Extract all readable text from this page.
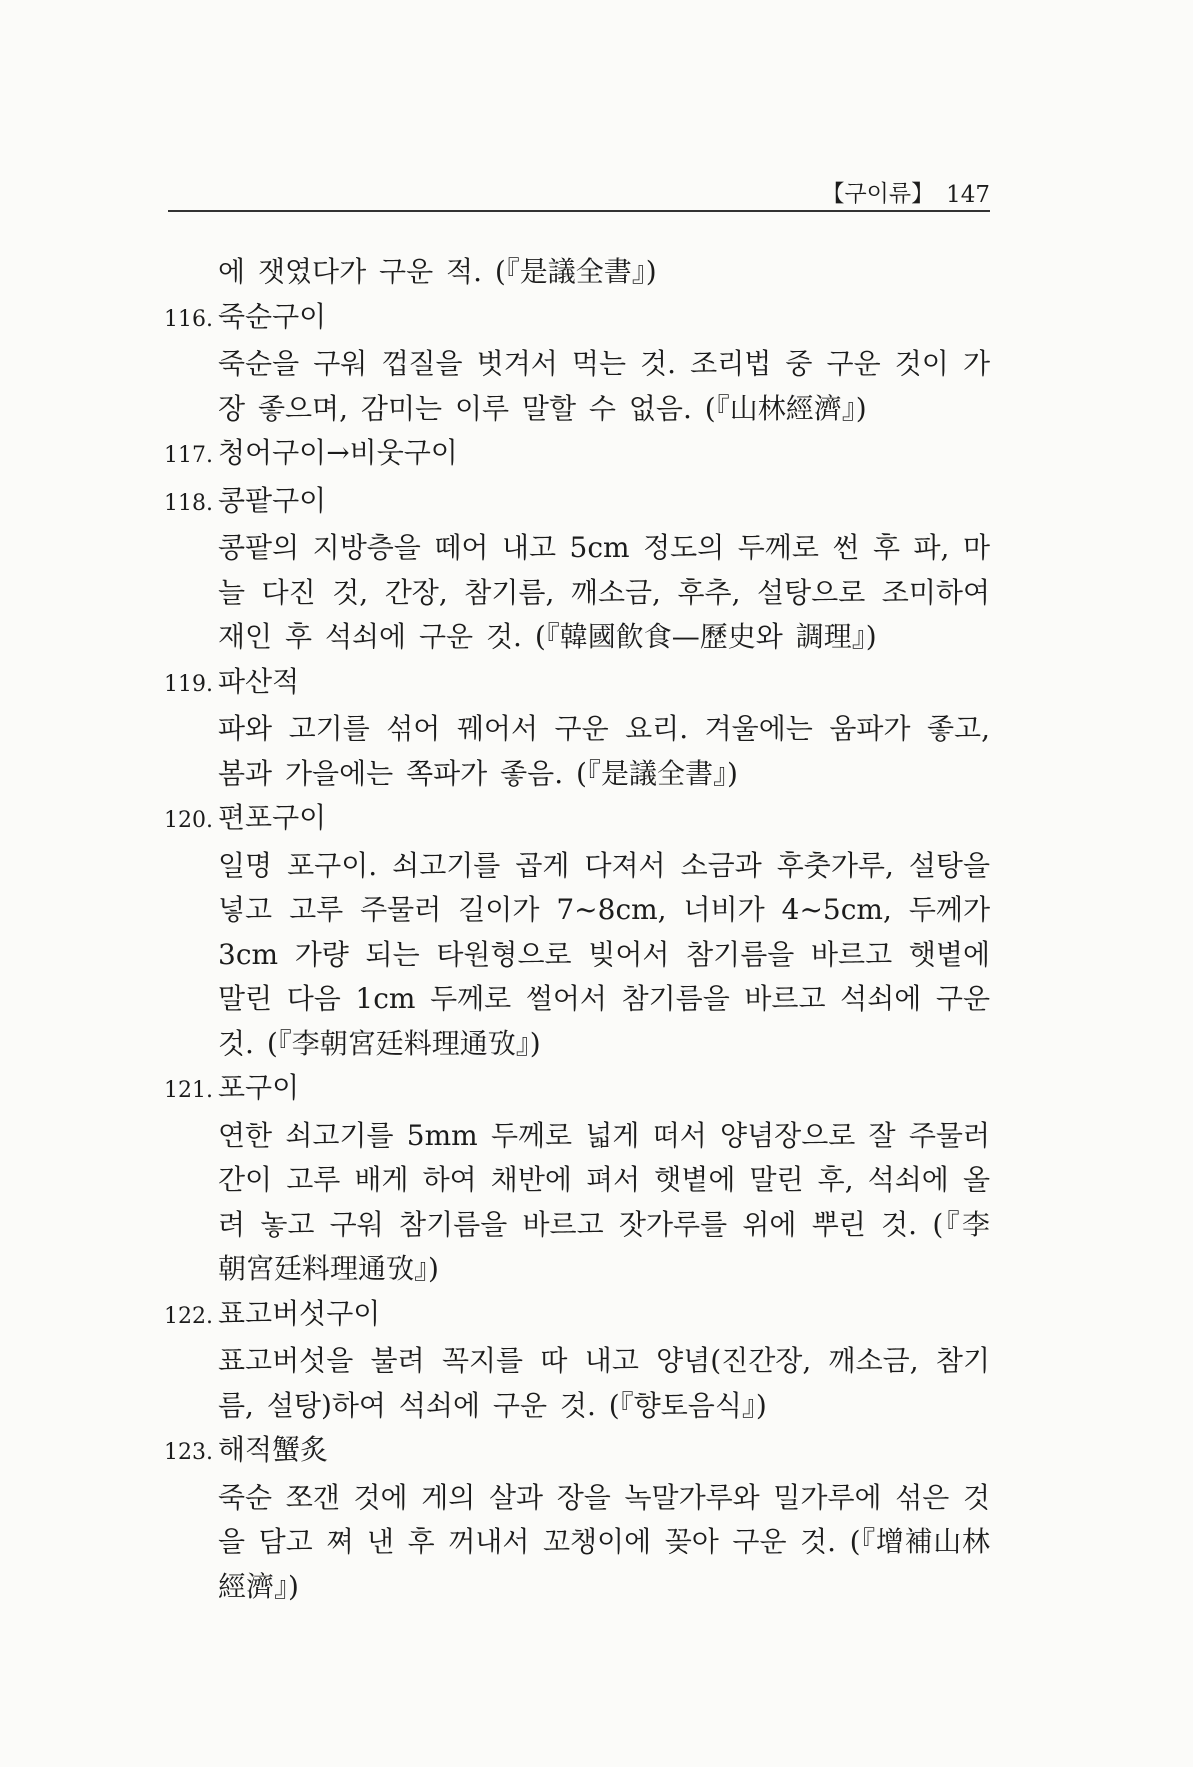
【구이류】 147
에 잿였다가 구운 적. (『是議全書』)
116. 죽순구이
죽순을 구워 껍질을 벗겨서 먹는 것. 조리법 중 구운 것이 가장 좋으며, 감미는 이루 말할 수 없음. (『山林經濟』)
117. 청어구이→비웃구이
118. 콩팥구이
콩팥의 지방층을 떼어 내고 5cm 정도의 두께로 썬 후 파, 마늘 다진 것, 간장, 참기름, 깨소금, 후추, 설탕으로 조미하여 재인 후 석쇠에 구운 것. (『韓國飮食—歷史와 調理』)
119. 파산적
파와 고기를 섞어 꿰어서 구운 요리. 겨울에는 움파가 좋고, 봄과 가을에는 쪽파가 좋음. (『是議全書』)
120. 편포구이
일명 포구이. 쇠고기를 곱게 다져서 소금과 후춧가루, 설탕을 넣고 고루 주물러 길이가 7~8cm, 너비가 4~5cm, 두께가 3cm 가량 되는 타원형으로 빚어서 참기름을 바르고 햇볕에 말린 다음 1cm 두께로 썰어서 참기름을 바르고 석쇠에 구운 것. (『李朝宮廷料理通攷』)
121. 포구이
연한 쇠고기를 5mm 두께로 넓게 떠서 양념장으로 잘 주물러 간이 고루 배게 하여 채반에 펴서 햇볕에 말린 후, 석쇠에 올려 놓고 구워 참기름을 바르고 잣가루를 위에 뿌린 것. (『李朝宮廷料理通攷』)
122. 표고버섯구이
표고버섯을 불려 꼭지를 따 내고 양념(진간장, 깨소금, 참기름, 설탕)하여 석쇠에 구운 것. (『향토음식』)
123. 해적蟹炙
죽순 쪼갠 것에 게의 살과 장을 녹말가루와 밀가루에 섞은 것을 담고 쪄 낸 후 꺼내서 꼬챙이에 꽂아 구운 것. (『增補山林經濟』)
